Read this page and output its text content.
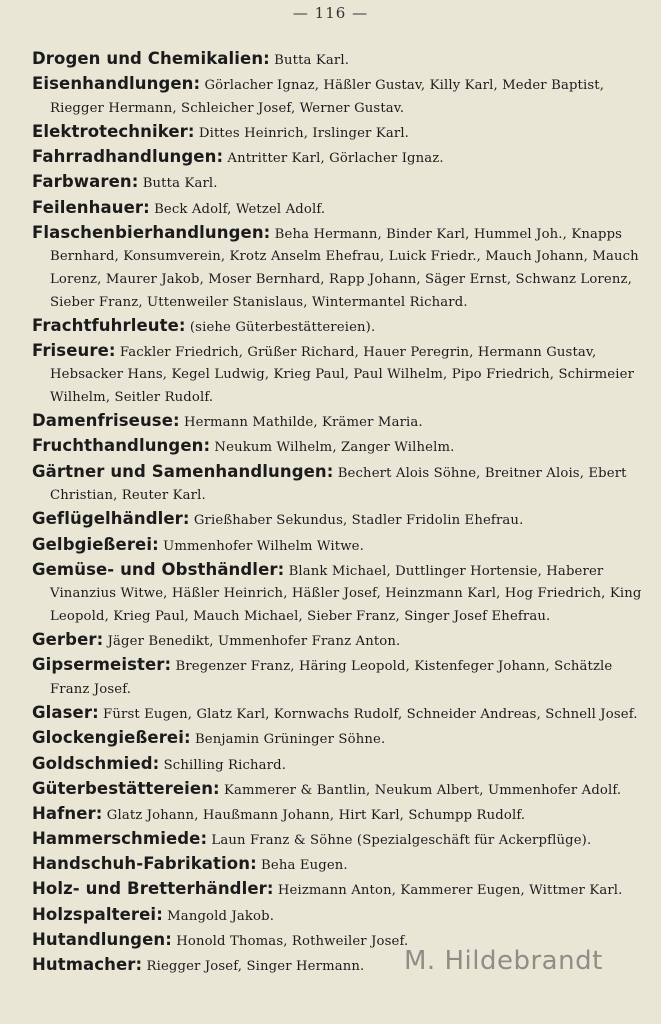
— 116 —

Drogen und Chemikalien: Butta Karl.

Eisenhandlungen: Görlacher Ignaz, Häßler Gustav, Killy Karl, Meder Baptist, Riegger Hermann, Schleicher Josef, Werner Gustav.

Elektrotechniker: Dittes Heinrich, Irslinger Karl.

Fahrradhandlungen: Antritter Karl, Görlacher Ignaz.

Farbwaren: Butta Karl.

Feilenhauer: Beck Adolf, Wetzel Adolf.

Flaschenbierhandlungen: Beha Hermann, Binder Karl, Hummel Joh., Knapps Bernhard, Konsumverein, Krotz Anselm Ehefrau, Luick Friedr., Mauch Johann, Mauch Lorenz, Maurer Jakob, Moser Bernhard, Rapp Johann, Säger Ernst, Schwanz Lorenz, Sieber Franz, Uttenweiler Stanislaus, Wintermantel Richard.

Frachtfuhrleute: (siehe Güterbestättereien).

Friseure: Fackler Friedrich, Grüßer Richard, Hauer Peregrin, Hermann Gustav, Hebsacker Hans, Kegel Ludwig, Krieg Paul, Paul Wilhelm, Pipo Friedrich, Schirmeier Wilhelm, Seitler Rudolf.

Damenfriseuse: Hermann Mathilde, Krämer Maria.

Fruchthandlungen: Neukum Wilhelm, Zanger Wilhelm.

Gärtner und Samenhandlungen: Bechert Alois Söhne, Breitner Alois, Ebert Christian, Reuter Karl.

Geflügelhändler: Grießhaber Sekundus, Stadler Fridolin Ehefrau.

Gelbgießerei: Ummenhofer Wilhelm Witwe.

Gemüse- und Obsthändler: Blank Michael, Duttlinger Hortensie, Haberer Vinanzius Witwe, Häßler Heinrich, Häßler Josef, Heinzmann Karl, Hog Friedrich, King Leopold, Krieg Paul, Mauch Michael, Sieber Franz, Singer Josef Ehefrau.

Gerber: Jäger Benedikt, Ummenhofer Franz Anton.

Gipsermeister: Bregenzer Franz, Häring Leopold, Kistenfeger Johann, Schätzle Franz Josef.

Glaser: Fürst Eugen, Glatz Karl, Kornwachs Rudolf, Schneider Andreas, Schnell Josef.

Glockengießerei: Benjamin Grüninger Söhne.

Goldschmied: Schilling Richard.

Güterbestättereien: Kammerer & Bantlin, Neukum Albert, Ummenhofer Adolf.

Hafner: Glatz Johann, Haußmann Johann, Hirt Karl, Schumpp Rudolf.

Hammerschmiede: Laun Franz & Söhne (Spezialgeschäft für Ackerpflüge).

Handschuh-Fabrikation: Beha Eugen.

Holz- und Bretterhändler: Heizmann Anton, Kammerer Eugen, Wittmer Karl.

Holzspalterei: Mangold Jakob.

Hutandlungen: Honold Thomas, Rothweiler Josef.

Hutmacher: Riegger Josef, Singer Hermann.	M. Hildebrandt
